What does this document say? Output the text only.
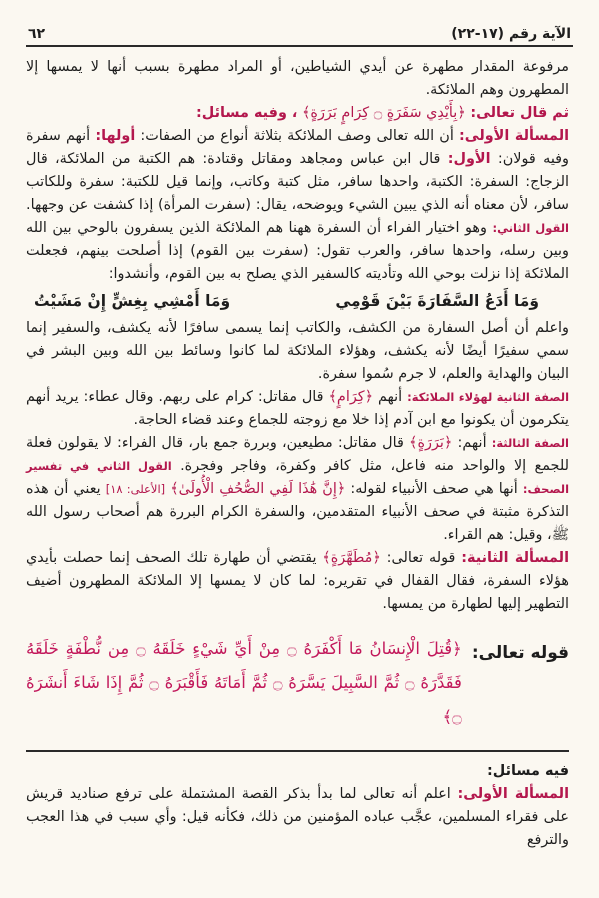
الآية رقم (١٧-٢٢)
٦٢

مرفوعة المقدار مطهرة عن أيدي الشياطين، أو المراد مطهرة بسبب أنها لا يمسها إلا المطهرون وهم الملائكة.

ثم قال تعالى: ﴿بِأَيْدِي سَفَرَةٍ ۝ كِرَامٍ بَرَرَةٍ﴾ ، وفيه مسائل:

المسألة الأولى: أن الله تعالى وصف الملائكة بثلاثة أنواع من الصفات: أولها: أنهم سفرة وفيه قولان: الأول: قال ابن عباس ومجاهد ومقاتل وقتادة: هم الكتبة من الملائكة، قال الزجاج: السفرة: الكتبة، واحدها سافر، مثل كتبة وكاتب، وإنما قيل للكتبة: سفرة وللكاتب سافر، لأن معناه أنه الذي يبين الشيء ويوضحه، يقال: (سفرت المرأة) إذا كشفت عن وجهها. القول الثاني: وهو اختيار الفراء أن السفرة ههنا هم الملائكة الذين يسفرون بالوحي بين الله وبين رسله، واحدها سافر، والعرب تقول: (سفرت بين القوم) إذا أصلحت بينهم، فجعلت الملائكة إذا نزلت بوحي الله وتأديته كالسفير الذي يصلح به بين القوم، وأنشدوا:

وَمَا أَدَعُ السَّفَارَةَ بَيْنَ قَوْمِي
وَمَا أَمْشِي بِغِشٍّ إِنْ مَشَيْتُ

واعلم أن أصل السفارة من الكشف، والكاتب إنما يسمى سافرًا لأنه يكشف، والسفير إنما سمي سفيرًا أيضًا لأنه يكشف، وهؤلاء الملائكة لما كانوا وسائط بين الله وبين البشر في البيان والهداية والعلم، لا جرم سُموا سفرة.

الصفة الثانية لهؤلاء الملائكة: أنهم ﴿كِرَامٍ﴾ قال مقاتل: كرام على ربهم. وقال عطاء: يريد أنهم يتكرمون أن يكونوا مع ابن آدم إذا خلا مع زوجته للجماع وعند قضاء الحاجة.

الصفة الثالثة: أنهم: ﴿بَرَرَةٍ﴾ قال مقاتل: مطيعين، وبررة جمع بار، قال الفراء: لا يقولون فعلة للجمع إلا والواحد منه فاعل، مثل كافر وكفرة، وفاجر وفجرة. القول الثاني في تفسير الصحف: أنها هي صحف الأنبياء لقوله: ﴿إِنَّ هَٰذَا لَفِي الصُّحُفِ الْأُولَىٰ﴾ [الأعلى: ١٨] يعني أن هذه التذكرة مثبتة في صحف الأنبياء المتقدمين، والسفرة الكرام البررة هم أصحاب رسول الله ﷺ، وقيل: هم القراء.

المسألة الثانية: قوله تعالى: ﴿مُطَهَّرَةٍ﴾ يقتضي أن طهارة تلك الصحف إنما حصلت بأيدي هؤلاء السفرة، فقال القفال في تقريره: لما كان لا يمسها إلا الملائكة المطهرون أضيف التطهير إليها لطهارة من يمسها.

قوله تعالى:
﴿قُتِلَ الْإِنسَانُ مَا أَكْفَرَهُ ۝ مِنْ أَيِّ شَيْءٍ خَلَقَهُ ۝ مِن نُّطْفَةٍ خَلَقَهُ فَقَدَّرَهُ ۝ ثُمَّ السَّبِيلَ يَسَّرَهُ ۝ ثُمَّ أَمَاتَهُ فَأَقْبَرَهُ ۝ ثُمَّ إِذَا شَاءَ أَنشَرَهُ ۝﴾

فيه مسائل:

المسألة الأولى: اعلم أنه تعالى لما بدأ بذكر القصة المشتملة على ترفع صناديد قريش على فقراء المسلمين، عجَّب عباده المؤمنين من ذلك، فكأنه قيل: وأي سبب في هذا العجب والترفع
